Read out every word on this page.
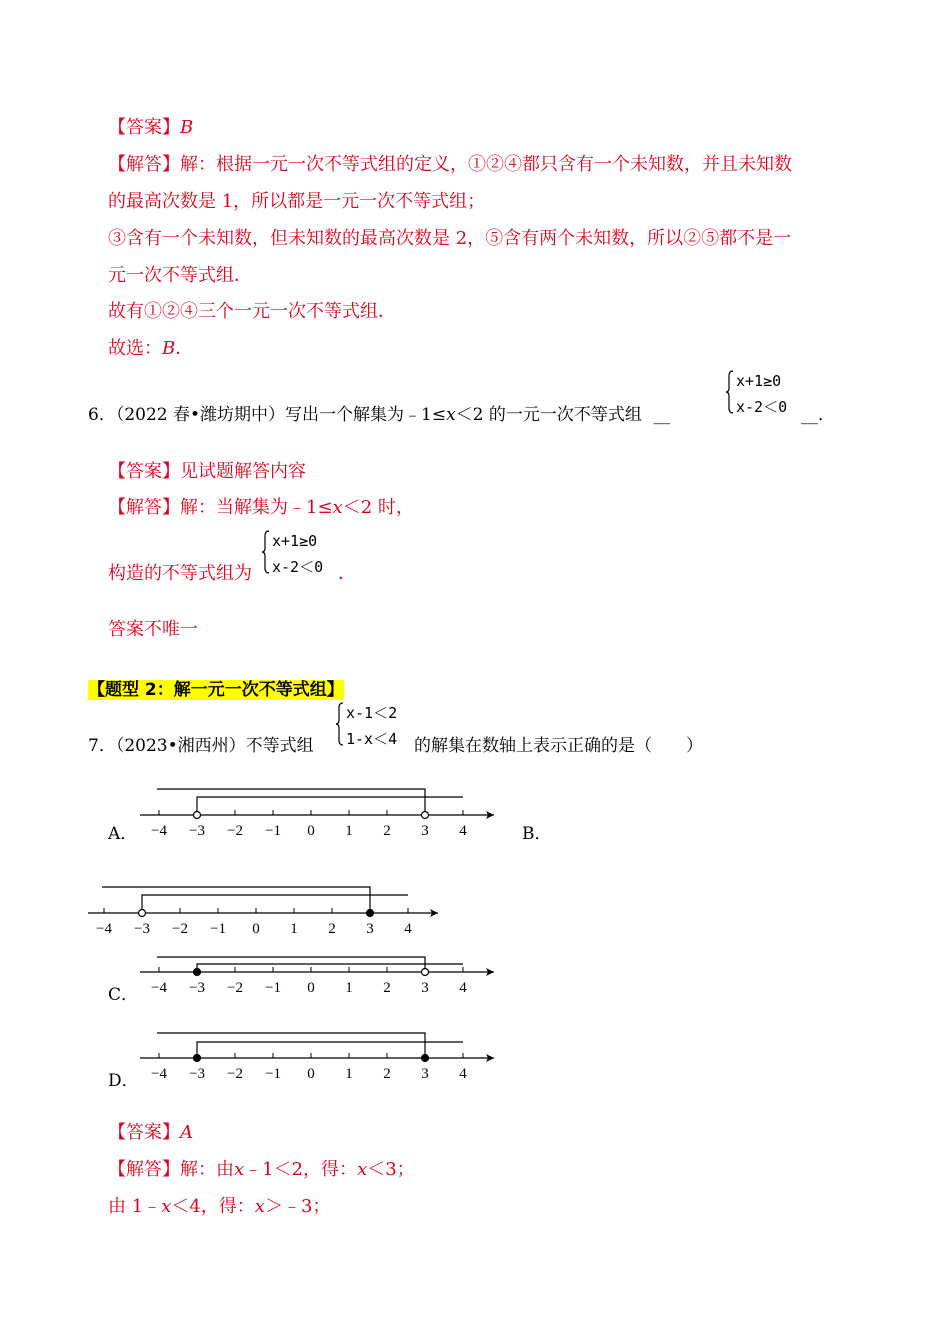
【答案】B
【解答】解：根据一元一次不等式组的定义，①②④都只含有一个未知数，并且未知数
的最高次数是 1，所以都是一元一次不等式组；
③含有一个未知数，但未知数的最高次数是 2，⑤含有两个未知数，所以②⑤都不是一
元一次不等式组．
故有①②④三个一元一次不等式组．
故选：B．
6．（2022 春•潍坊期中）写出一个解集为﹣1≤x＜2 的一元一次不等式组 __
x+1≥0
x-2＜0 __．
【答案】见试题解答内容
【解答】解：当解集为﹣1≤x＜2 时，
x+1≥0
x-2＜0
构造的不等式组为	．
答案不唯一
【题型 2：解一元一次不等式组】
7．（2023•湘西州）不等式组
x-1＜2
1-x＜4 的解集在数轴上表示正确的是（　　）
A．	B．
C．
D．
−4 −3 −2 −1 0 1 2 3 4
−4 −3 −2 −1 0 1 2 3 4
−4 −3 −2 −1 0 1 2 3 4
−4 −3 −2 −1 0 1 2 3 4
【答案】A
【解答】解：由x﹣1＜2，得：x＜3；
由 1﹣x＜4，得：x＞﹣3；
